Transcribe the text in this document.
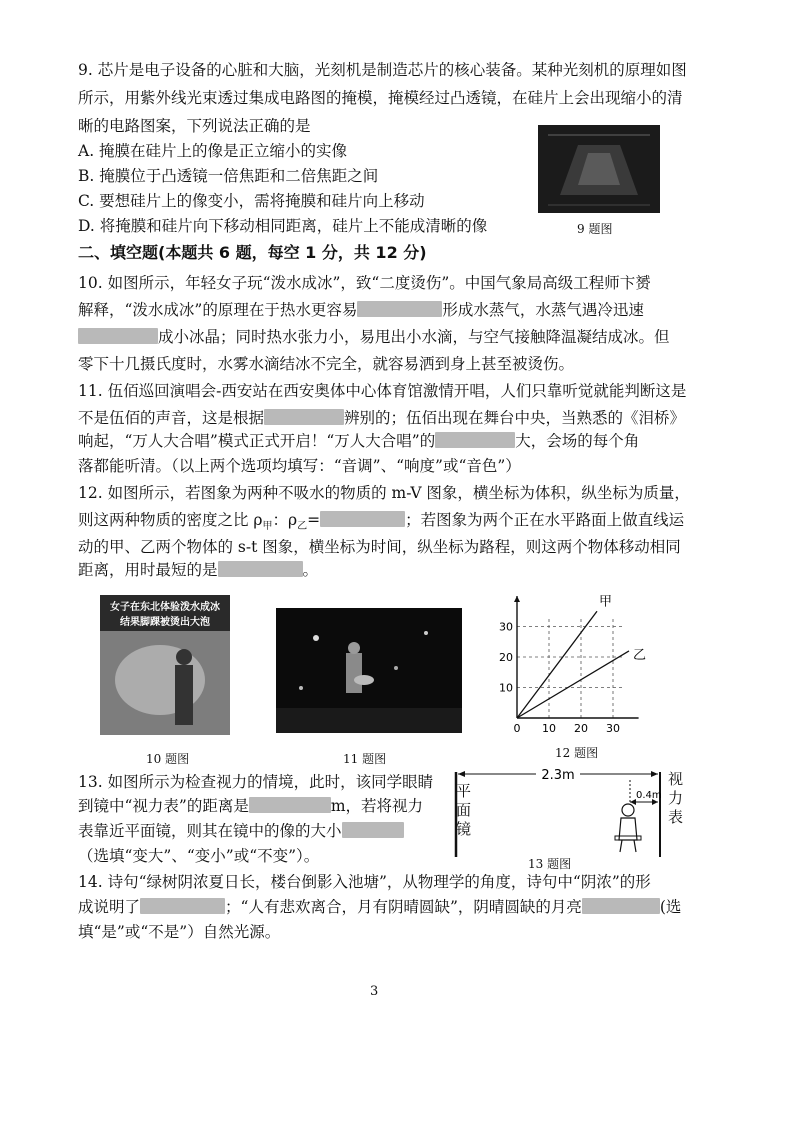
9. 芯片是电子设备的心脏和大脑，光刻机是制造芯片的核心装备。某种光刻机的原理如图
所示，用紫外线光束透过集成电路图的掩模，掩模经过凸透镜，在硅片上会出现缩小的清
晰的电路图案，下列说法正确的是
A. 掩膜在硅片上的像是正立缩小的实像
B. 掩膜位于凸透镜一倍焦距和二倍焦距之间
C. 要想硅片上的像变小，需将掩膜和硅片向上移动
D. 将掩膜和硅片向下移动相同距离，硅片上不能成清晰的像	9 题图
二、填空题(本题共 6 题，每空 1 分，共 12 分)
10. 如图所示，年轻女子玩“泼水成冰”，致“二度烫伤”。中国气象局高级工程师卞赟
解释，“泼水成冰”的原理在于热水更容易	形成水蒸气，水蒸气遇冷迅速
成小冰晶；同时热水张力小，易甩出小水滴，与空气接触降温凝结成冰。但
零下十几摄氏度时，水雾水滴结冰不完全，就容易洒到身上甚至被烫伤。
11. 伍佰巡回演唱会-西安站在西安奥体中心体育馆激情开唱，人们只靠听觉就能判断这是
不是伍佰的声音，这是根据	辨别的；伍佰出现在舞台中央，当熟悉的《泪桥》
响起，“万人大合唱”模式正式开启！“万人大合唱”的	大，会场的每个角
落都能听清。（以上两个选项均填写：“音调”、“响度”或“音色”）
12. 如图所示，若图象为两种不吸水的物质的 m-V 图象，横坐标为体积，纵坐标为质量，
则这两种物质的密度之比 $\rho_甲$：$\rho_乙=$	；若图象为两个正在水平路面上做直线运
动的甲、乙两个物体的 s-t 图象，横坐标为时间，纵坐标为路程，则这两个物体移动相同
距离，用时最短的是	。
女子在东北体验泼水成冰
结果脚踝被烫出大泡
10 题图	11 题图
0 10 20 30
10
20
30
甲
乙
12 题图
13. 如图所示为检查视力的情境，此时，该同学眼睛
到镜中“视力表”的距离是	m，若将视力
表靠近平面镜，则其在镜中的像的大小
（选填“变大”、“变小”或“不变”）。
2.3m
0.4m
平
面
镜
视
力
表
13 题图
14. 诗句“绿树阴浓夏日长，楼台倒影入池塘”，从物理学的角度，诗句中“阴浓”的形
成说明了	；“人有悲欢离合，月有阴晴圆缺”，阴晴圆缺的月亮	(选
填“是”或“不是”）自然光源。
3
